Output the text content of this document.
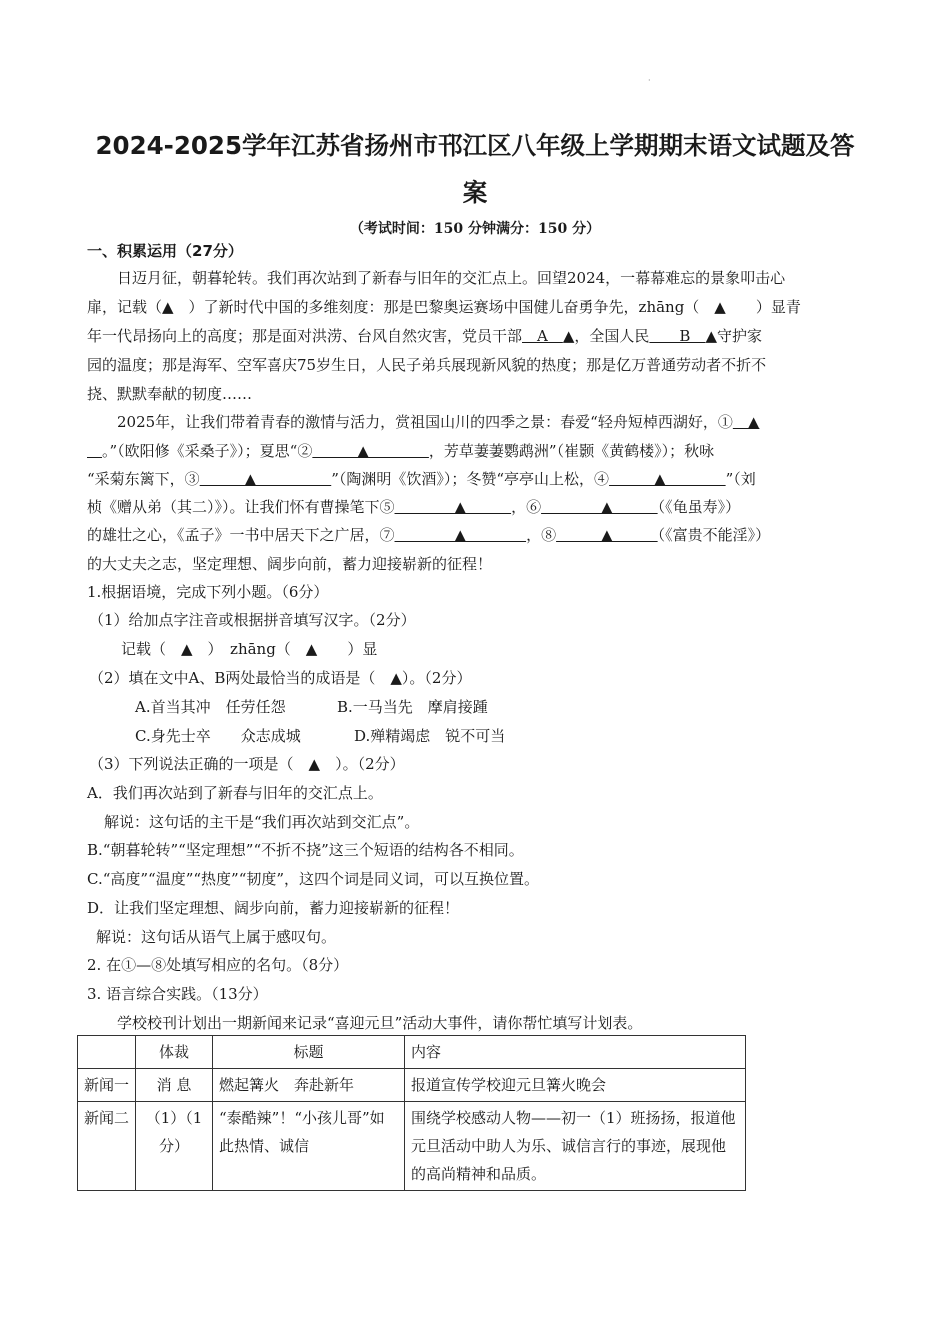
·
2024-2025学年江苏省扬州市邗江区八年级上学期期末语文试题及答
案
（考试时间：150 分钟满分：150 分）
一、积累运用（27分）
日迈月征，朝暮轮转。我们再次站到了新春与旧年的交汇点上。回望2024，一幕幕难忘的景象叩击心
扉，记载（▲　）了新时代中国的多维刻度：那是巴黎奥运赛场中国健儿奋勇争先，zhāng（　▲　　）显青
年一代昂扬向上的高度；那是面对洪涝、台风自然灾害，党员干部　A　▲，全国人民　　B　▲守护家
园的温度；那是海军、空军喜庆75岁生日，人民子弟兵展现新风貌的热度；那是亿万普通劳动者不折不
挠、默默奉献的韧度……
2025年，让我们带着青春的激情与活力，赏祖国山川的四季之景：春爱“轻舟短棹西湖好，①　▲
　。”（欧阳修《采桑子》）；夏思“②　　　▲　　　　，芳草萋萋鹦鹉洲”（崔颢《黄鹤楼》）；秋咏
“采菊东篱下，③　　　▲　　　　　”（陶渊明《饮酒》）；冬赞“亭亭山上松，④　　　▲　　　　”（刘
桢《赠从弟（其二）》）。让我们怀有曹操笔下⑤　　　　▲　　　，⑥　　　　▲　　　（《龟虽寿》）
的雄壮之心，《孟子》一书中居天下之广居，⑦　　　　▲　　　　，⑧　　　▲　　　（《富贵不能淫》）
的大丈夫之志，坚定理想、阔步向前，蓄力迎接崭新的征程！
1.根据语境，完成下列小题。（6分）
（1）给加点字注音或根据拼音填写汉字。（2分）
记载（　▲　）　zhāng（　▲　　）显
（2）填在文中A、B两处最恰当的成语是（　▲）。（2分）
A.首当其冲　任劳任怨	B.一马当先　摩肩接踵
C.身先士卒　　众志成城	D.殚精竭虑　锐不可当
（3）下列说法正确的一项是（　▲　）。（2分）
A．我们再次站到了新春与旧年的交汇点上。
解说：这句话的主干是“我们再次站到交汇点”。
B.“朝暮轮转”“坚定理想”“不折不挠”这三个短语的结构各不相同。
C.“高度”“温度”“热度”“韧度”，这四个词是同义词，可以互换位置。
D．让我们坚定理想、阔步向前，蓄力迎接崭新的征程！
解说：这句话从语气上属于感叹句。
2. 在①—⑧处填写相应的名句。（8分）
3. 语言综合实践。（13分）
学校校刊计划出一期新闻来记录“喜迎元旦”活动大事件，请你帮忙填写计划表。
	体裁	标题	内容
新闻一	消 息	燃起篝火　奔赴新年	报道宣传学校迎元旦篝火晚会
新闻二	（1）（1分）	“泰酷辣”！“小孩儿哥”如此热情、诚信	围绕学校感动人物——初一（1）班扬扬，报道他元旦活动中助人为乐、诚信言行的事迹，展现他的高尚精神和品质。
